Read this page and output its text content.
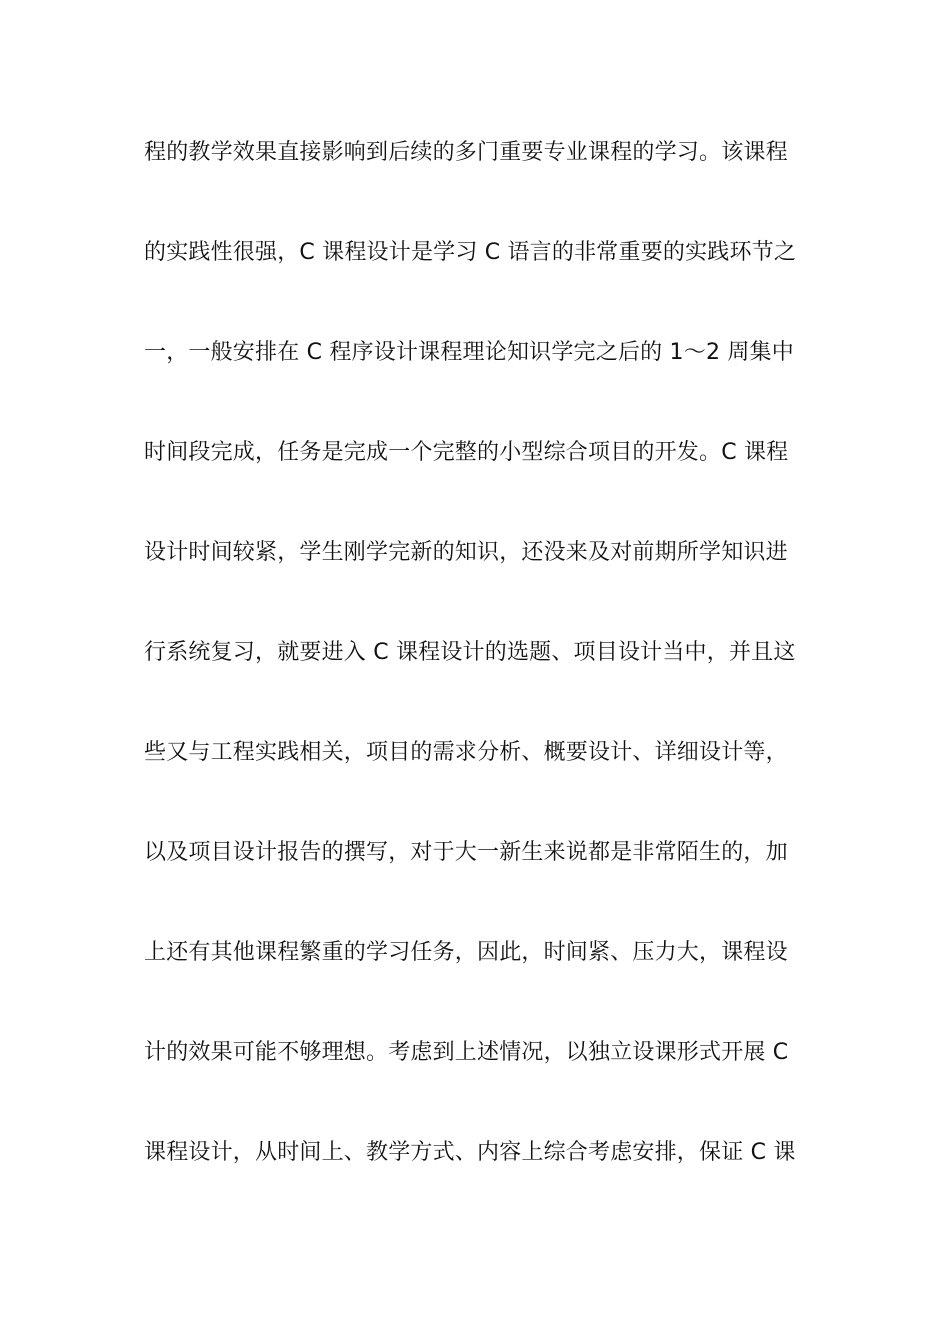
程的教学效果直接影响到后续的多门重要专业课程的学习。该课程
的实践性很强，C 课程设计是学习 C 语言的非常重要的实践环节之
一，一般安排在 C 程序设计课程理论知识学完之后的 1～2 周集中
时间段完成，任务是完成一个完整的小型综合项目的开发。C 课程
设计时间较紧，学生刚学完新的知识，还没来及对前期所学知识进
行系统复习，就要进入 C 课程设计的选题、项目设计当中，并且这
些又与工程实践相关，项目的需求分析、概要设计、详细设计等，
以及项目设计报告的撰写，对于大一新生来说都是非常陌生的，加
上还有其他课程繁重的学习任务，因此，时间紧、压力大，课程设
计的效果可能不够理想。考虑到上述情况，以独立设课形式开展 C
课程设计，从时间上、教学方式、内容上综合考虑安排，保证 C 课
